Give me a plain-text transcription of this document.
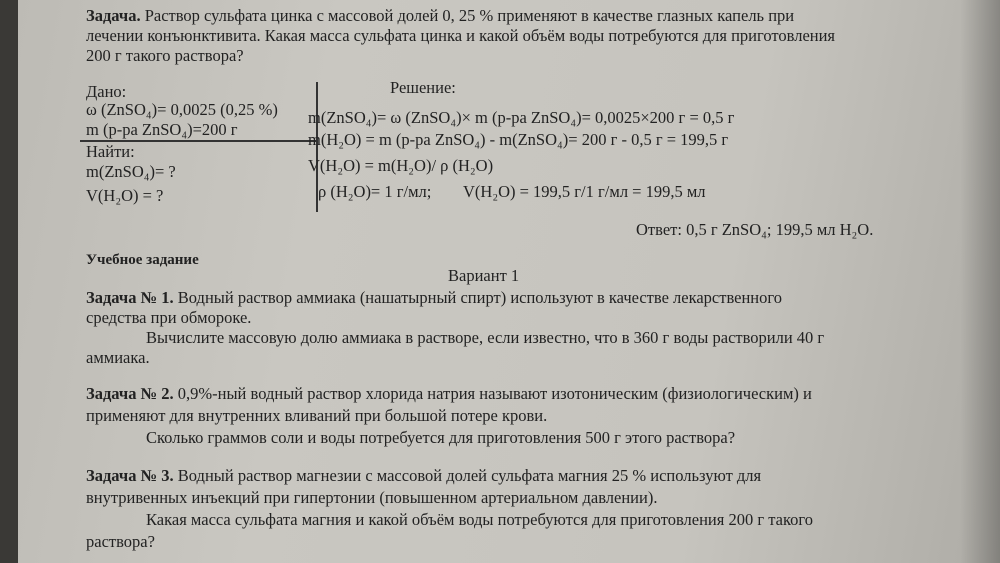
Задача. Раствор сульфата цинка с массовой долей 0, 25 % применяют в качестве глазных капель при
лечении конъюнктивита. Какая масса сульфата цинка и какой объём воды потребуются для приготовления
200 г такого раствора?
Дано:
ω (ZnSO₄)= 0,0025 (0,25 %)
m (р-ра ZnSO₄)=200 г
Найти:
m(ZnSO₄)= ?
V(H₂O) = ?
Решение:
m(ZnSO₄)= ω (ZnSO₄)× m (р-ра ZnSO₄)= 0,0025×200 г = 0,5 г
m(H₂O) = m (р-ра ZnSO₄) - m(ZnSO₄)= 200 г - 0,5 г = 199,5 г
V(H₂O) = m(H₂O)/ ρ (H₂O)
ρ (H₂O)= 1 г/мл; V(H₂O) = 199,5 г/1 г/мл = 199,5 мл
Ответ: 0,5 г ZnSO₄; 199,5 мл H₂O.
Учебное задание
Вариант 1
Задача № 1. Водный раствор аммиака (нашатырный спирт) используют в качестве лекарственного
средства при обмороке.
Вычислите массовую долю аммиака в растворе, если известно, что в 360 г воды растворили 40 г
аммиака.
Задача № 2. 0,9%-ный водный раствор хлорида натрия называют изотоническим (физиологическим) и
применяют для внутренних вливаний при большой потере крови.
Сколько граммов соли и воды потребуется для приготовления 500 г этого раствора?
Задача № 3. Водный раствор магнезии с массовой долей сульфата магния 25 % используют для
внутривенных инъекций при гипертонии (повышенном артериальном давлении).
Какая масса сульфата магния и какой объём воды потребуются для приготовления 200 г такого
раствора?
